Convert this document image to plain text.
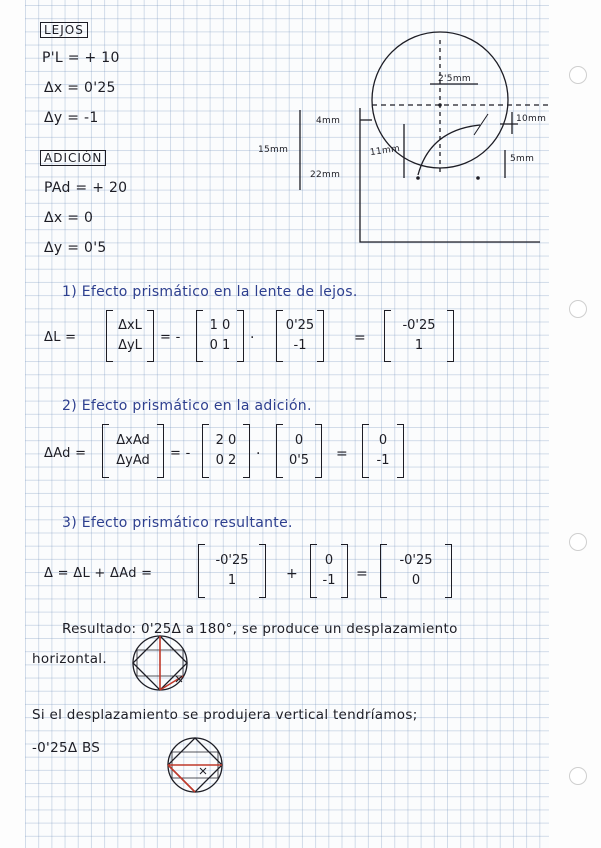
LEJOS
P'L = + 10
Δx = 0'25
Δy = -1
ADICIÓN
PAd = + 20
Δx = 0
Δy = 0'5
4mm
15mm
22mm
11mm
2'5mm
10mm
5mm
1) Efecto prismático en la lente de lejos.
ΔL =
ΔxL
ΔyL
= -
1 0
0 1 ·
0'25
-1	=
-0'25
1
2) Efecto prismático en la adición.
ΔAd =
ΔxAd
ΔyAd = -
2 0
0 2 ·
0
0'5 =
0
-1
3) Efecto prismático resultante.
Δ = ΔL + ΔAd =
-0'25
1	+
0
-1 =
-0'25
0
Resultado: 0'25Δ a 180°, se produce un desplazamiento
horizontal.
Si el desplazamiento se produjera vertical tendríamos;
-0'25Δ BS
